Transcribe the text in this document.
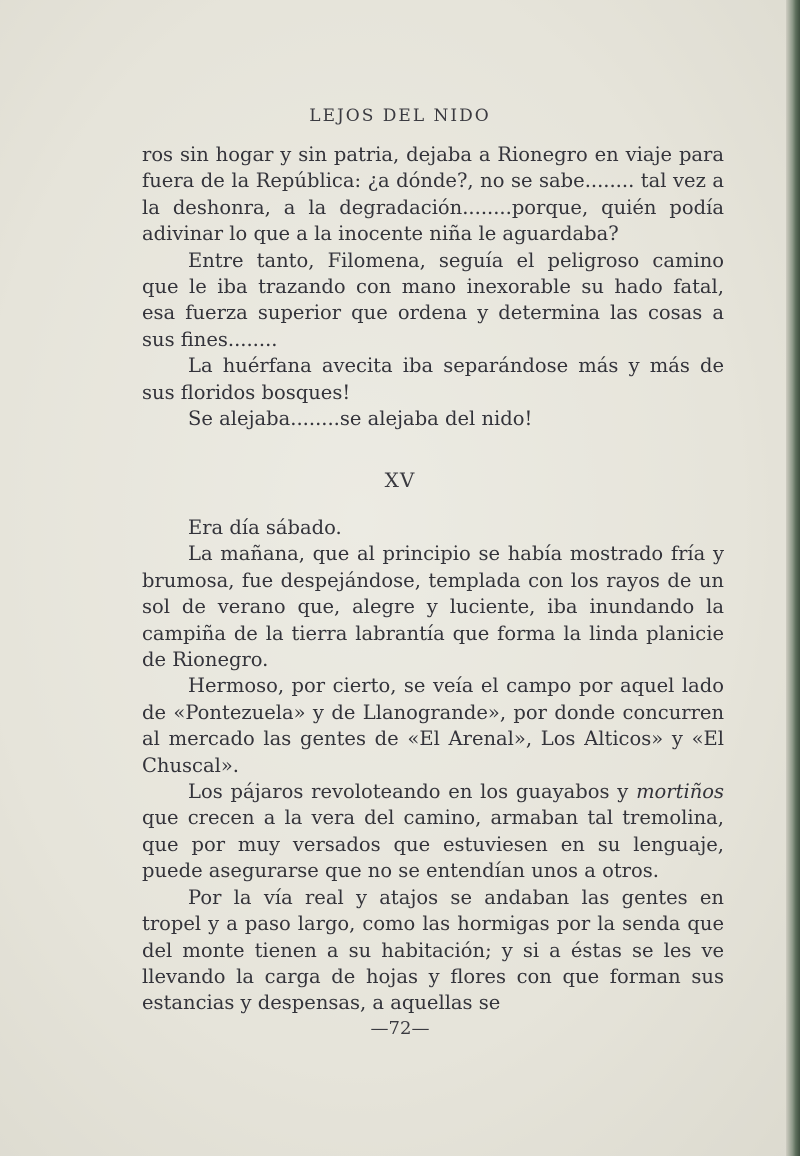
LEJOS DEL NIDO

ros sin hogar y sin patria, dejaba a Rionegro en viaje para fuera de la República: ¿a dónde?, no se sabe........ tal vez a la deshonra, a la degradación........porque, quién podía adivinar lo que a la inocente niña le aguardaba?

Entre tanto, Filomena, seguía el peligroso camino que le iba trazando con mano inexorable su hado fatal, esa fuerza superior que ordena y determina las cosas a sus fines........

La huérfana avecita iba separándose más y más de sus floridos bosques!

Se alejaba........se alejaba del nido!

XV

Era día sábado.

La mañana, que al principio se había mostrado fría y brumosa, fue despejándose, templada con los rayos de un sol de verano que, alegre y luciente, iba inundando la campiña de la tierra labrantía que forma la linda planicie de Rionegro.

Hermoso, por cierto, se veía el campo por aquel lado de «Pontezuela» y de Llanogrande», por donde concurren al mercado las gentes de «El Arenal», Los Alticos» y «El Chuscal».

Los pájaros revoloteando en los guayabos y mortiños que crecen a la vera del camino, armaban tal tremolina, que por muy versados que estuviesen en su lenguaje, puede asegurarse que no se entendían unos a otros.

Por la vía real y atajos se andaban las gentes en tropel y a paso largo, como las hormigas por la senda que del monte tienen a su habitación; y si a éstas se les ve llevando la carga de hojas y flores con que forman sus estancias y despensas, a aquellas se

—72—
